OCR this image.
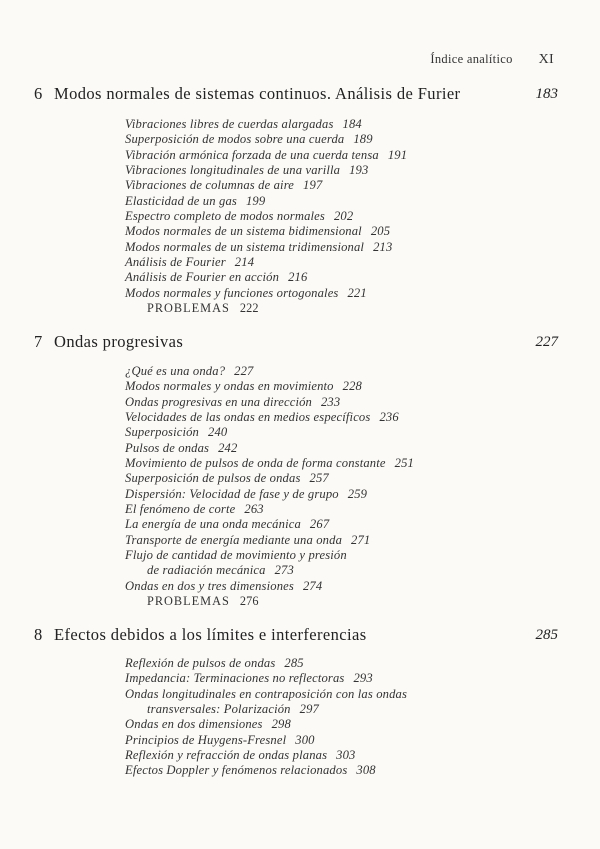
Índice analítico XI
6 Modos normales de sistemas continuos. Análisis de Furier	183
Vibraciones libres de cuerdas alargadas 184
Superposición de modos sobre una cuerda 189
Vibración armónica forzada de una cuerda tensa 191
Vibraciones longitudinales de una varilla 193
Vibraciones de columnas de aire 197
Elasticidad de un gas 199
Espectro completo de modos normales 202
Modos normales de un sistema bidimensional 205
Modos normales de un sistema tridimensional 213
Análisis de Fourier 214
Análisis de Fourier en acción 216
Modos normales y funciones ortogonales 221
PROBLEMAS 222
7 Ondas progresivas	227
¿Qué es una onda? 227
Modos normales y ondas en movimiento 228
Ondas progresivas en una dirección 233
Velocidades de las ondas en medios específicos 236
Superposición 240
Pulsos de ondas 242
Movimiento de pulsos de onda de forma constante 251
Superposición de pulsos de ondas 257
Dispersión: Velocidad de fase y de grupo 259
El fenómeno de corte 263
La energía de una onda mecánica 267
Transporte de energía mediante una onda 271
Flujo de cantidad de movimiento y presión
de radiación mecánica 273
Ondas en dos y tres dimensiones 274
PROBLEMAS 276
8 Efectos debidos a los límites e interferencias	285
Reflexión de pulsos de ondas 285
Impedancia: Terminaciones no reflectoras 293
Ondas longitudinales en contraposición con las ondas
transversales: Polarización 297
Ondas en dos dimensiones 298
Principios de Huygens-Fresnel 300
Reflexión y refracción de ondas planas 303
Efectos Doppler y fenómenos relacionados 308
